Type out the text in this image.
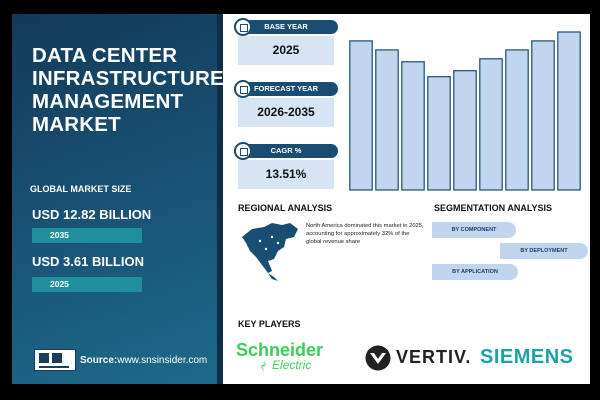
DATA CENTER
INFRASTRUCTURE
MANAGEMENT
MARKET
GLOBAL MARKET SIZE
USD 12.82 BILLION
2035
USD 3.61 BILLION
2025
Source:www.snsinsider.com
BASE YEAR
2025
FORECAST YEAR
2026-2035
CAGR %
13.51%
REGIONAL ANALYSIS
North America dominated this market in 2025, accounting for approximately 32% of the global revenue share
SEGMENTATION ANALYSIS
BY COMPONENT
BY DEPLOYMENT
BY APPLICATION
KEY PLAYERS
Schneider
Electric	VERTIV. SIEMENS
